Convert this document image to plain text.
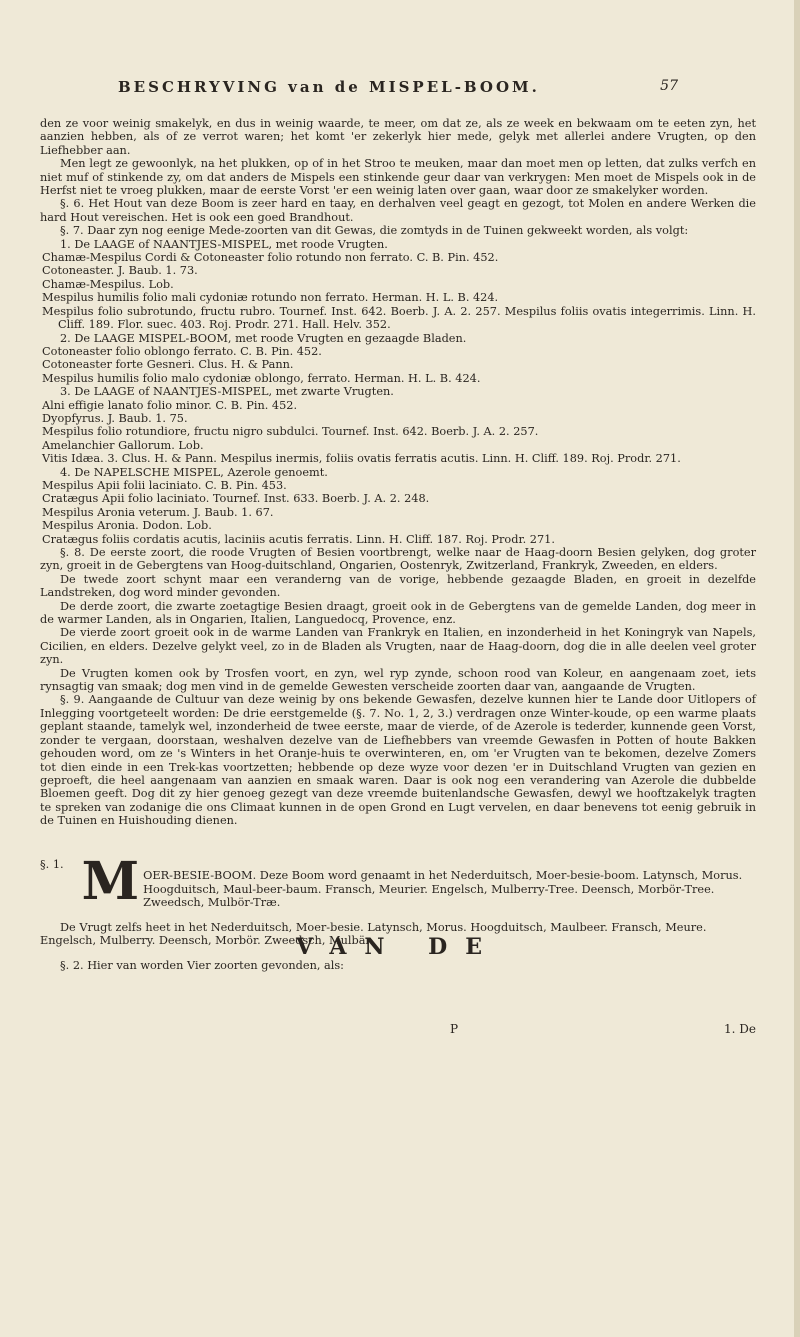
BESCHRYVING van de MISPEL-BOOM.	57

den ze voor weinig smakelyk, en dus in weinig waarde, te meer, om dat ze, als ze week en bekwaam om te eeten zyn, het aanzien hebben, als of ze verrot waren; het komt 'er zekerlyk hier mede, gelyk met allerlei andere Vrugten, op den Liefhebber aan.

Men legt ze gewoonlyk, na het plukken, op of in het Stroo te meuken, maar dan moet men op letten, dat zulks verfch en niet muf of stinkende zy, om dat anders de Mispels een stinkende geur daar van verkrygen: Men moet de Mispels ook in de Herfst niet te vroeg plukken, maar de eerste Vorst 'er een weinig laten over gaan, waar door ze smakelyker worden.

§. 6. Het Hout van deze Boom is zeer hard en taay, en derhalven veel geagt en gezogt, tot Molen en andere Werken die hard Hout vereischen. Het is ook een goed Brandhout.

§. 7. Daar zyn nog eenige Mede-zoorten van dit Gewas, die zomtyds in de Tuinen gekweekt worden, als volgt:

1. De LAAGE of NAANTJES-MISPEL, met roode Vrugten.

Chamæ-Mespilus Cordi & Cotoneaster folio rotundo non ferrato. C. B. Pin. 452.

Cotoneaster. J. Baub. 1. 73.

Chamæ-Mespilus. Lob.

Mespilus humilis folio mali cydoniæ rotundo non ferrato. Herman. H. L. B. 424.

Mespilus folio subrotundo, fructu rubro. Tournef. Inst. 642. Boerb. J. A. 2. 257. Mespilus foliis ovatis integerrimis. Linn. H. Cliff. 189. Flor. suec. 403. Roj. Prodr. 271. Hall. Helv. 352.

2. De LAAGE MISPEL-BOOM, met roode Vrugten en gezaagde Bladen.

Cotoneaster folio oblongo ferrato. C. B. Pin. 452.

Cotoneaster forte Gesneri. Clus. H. & Pann.

Mespilus humilis folio malo cydoniæ oblongo, ferrato. Herman. H. L. B. 424.

3. De LAAGE of NAANTJES-MISPEL, met zwarte Vrugten.

Alni effigie lanato folio minor. C. B. Pin. 452.

Dyopfyrus. J. Baub. 1. 75.

Mespilus folio rotundiore, fructu nigro subdulci. Tournef. Inst. 642. Boerb. J. A. 2. 257.

Amelanchier Gallorum. Lob.

Vitis Idæa. 3. Clus. H. & Pann. Mespilus inermis, foliis ovatis ferratis acutis. Linn. H. Cliff. 189. Roj. Prodr. 271.

4. De NAPELSCHE MISPEL, Azerole genoemt.

Mespilus Apii folii laciniato. C. B. Pin. 453.

Cratægus Apii folio laciniato. Tournef. Inst. 633. Boerb. J. A. 2. 248.

Mespilus Aronia veterum. J. Baub. 1. 67.

Mespilus Aronia. Dodon. Lob.

Cratægus foliis cordatis acutis, laciniis acutis ferratis. Linn. H. Cliff. 187. Roj. Prodr. 271.

§. 8. De eerste zoort, die roode Vrugten of Besien voortbrengt, welke naar de Haag-doorn Besien gelyken, dog groter zyn, groeit in de Gebergtens van Hoog-duitschland, Ongarien, Oostenryk, Zwitzerland, Frankryk, Zweeden, en elders.

De twede zoort schynt maar een veranderng van de vorige, hebbende gezaagde Bladen, en groeit in dezelfde Landstreken, dog word minder gevonden.

De derde zoort, die zwarte zoetagtige Besien draagt, groeit ook in de Gebergtens van de gemelde Landen, dog meer in de warmer Landen, als in Ongarien, Italien, Languedocq, Provence, enz.

De vierde zoort groeit ook in de warme Landen van Frankryk en Italien, en inzonderheid in het Koningryk van Napels, Cicilien, en elders. Dezelve gelykt veel, zo in de Bladen als Vrugten, naar de Haag-doorn, dog die in alle deelen veel groter zyn.

De Vrugten komen ook by Trosfen voort, en zyn, wel ryp zynde, schoon rood van Koleur, en aangenaam zoet, iets rynsagtig van smaak; dog men vind in de gemelde Gewesten verscheide zoorten daar van, aangaande de Vrugten.

§. 9. Aangaande de Cultuur van deze weinig by ons bekende Gewasfen, dezelve kunnen hier te Lande door Uitlopers of Inlegging voortgeteelt worden: De drie eerstgemelde (§. 7. No. 1, 2, 3.) verdragen onze Winter-koude, op een warme plaats geplant staande, tamelyk wel, inzonderheid de twee eerste, maar de vierde, of de Azerole is tederder, kunnende geen Vorst, zonder te vergaan, doorstaan, weshalven dezelve van de Liefhebbers van vreemde Gewasfen in Potten of houte Bakken gehouden word, om ze 's Winters in het Oranje-huis te overwinteren, en, om 'er Vrugten van te bekomen, dezelve Zomers tot dien einde in een Trek-kas voortzetten; hebbende op deze wyze voor dezen 'er in Duitschland Vrugten van gezien en geproeft, die heel aangenaam van aanzien en smaak waren. Daar is ook nog een verandering van Azerole die dubbelde Bloemen geeft. Dog dit zy hier genoeg gezegt van deze vreemde buitenlandsche Gewasfen, dewyl we hooftzakelyk tragten te spreken van zodanige die ons Climaat kunnen in de open Grond en Lugt vervelen, en daar benevens tot eenig gebruik in de Tuinen en Huishouding dienen.

VAN DE
§. 1. M OER-BESIE-BOOM. Deze Boom word genaamt in het Nederduitsch, Moer-besie-boom. Latynsch, Morus. Hoogduitsch, Maul-beer-baum. Fransch, Meurier. Engelsch, Mulberry-Tree. Deensch, Morbör-Tree. Zweedsch, Mulbör-Træ.

De Vrugt zelfs heet in het Nederduitsch, Moer-besie. Latynsch, Morus. Hoogduitsch, Maulbeer. Fransch, Meure. Engelsch, Mulberry. Deensch, Morbör. Zweedsch, Mulbär.

§. 2. Hier van worden Vier zoorten gevonden, als:

P	1. De
